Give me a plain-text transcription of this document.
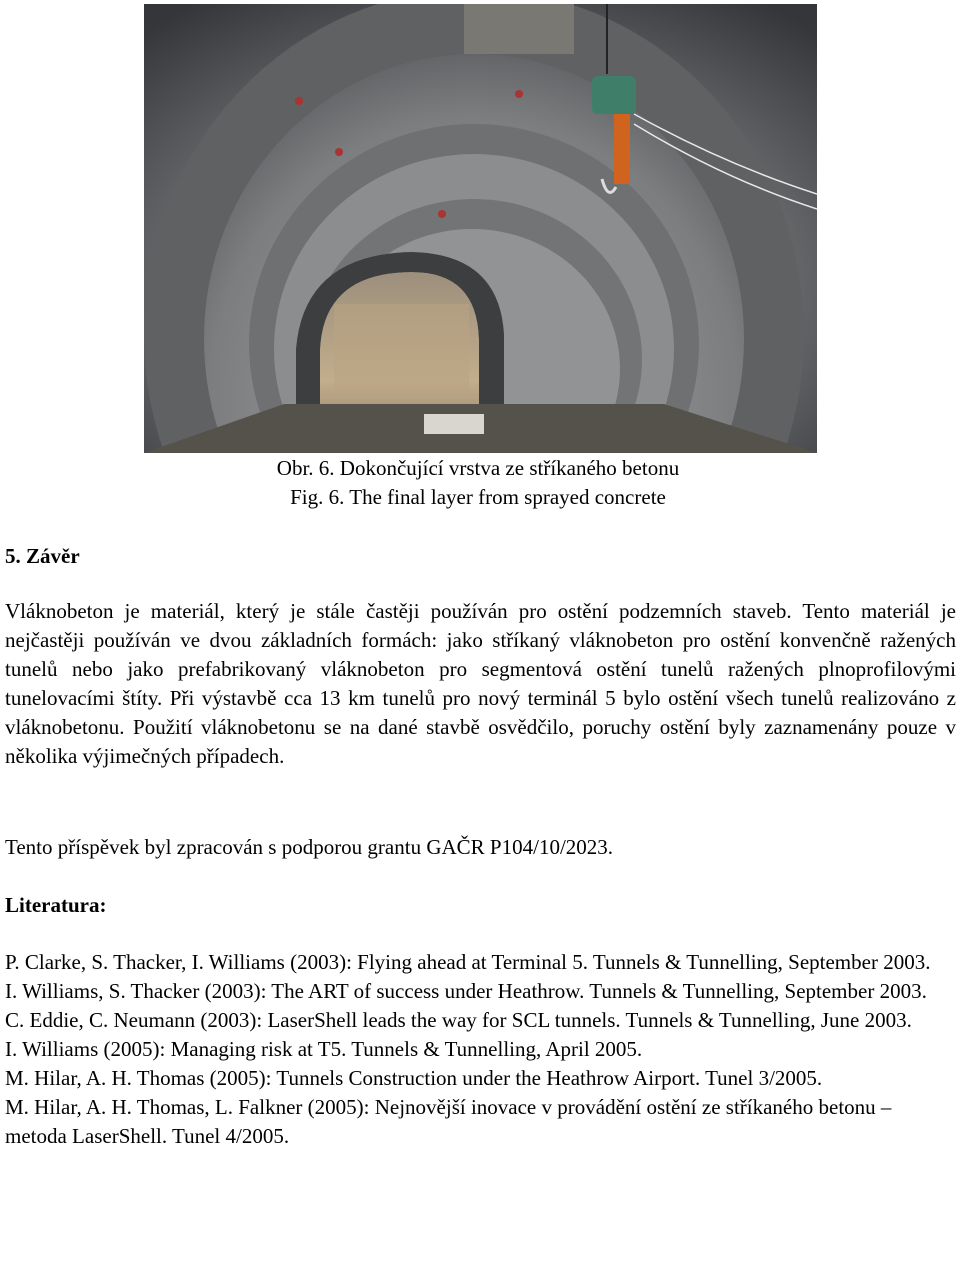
Obr. 6. Dokončující vrstva ze stříkaného betonu
Fig. 6. The final layer from sprayed concrete
5. Závěr

Vláknobeton je materiál, který je stále častěji používán pro ostění podzemních staveb. Tento materiál je nejčastěji používán ve dvou základních formách: jako stříkaný vláknobeton pro ostění konvenčně ražených tunelů nebo jako prefabrikovaný vláknobeton pro segmentová ostění tunelů ražených plnoprofilovými tunelovacími štíty. Při výstavbě cca 13 km tunelů pro nový terminál 5 bylo ostění všech tunelů realizováno z vláknobetonu. Použití vláknobetonu se na dané stavbě osvědčilo, poruchy ostění byly zaznamenány pouze v několika výjimečných případech.

Tento příspěvek byl zpracován s podporou grantu GAČR P104/10/2023.

Literatura:
P. Clarke, S. Thacker, I. Williams (2003): Flying ahead at Terminal 5. Tunnels & Tunnelling, September 2003.
I. Williams, S. Thacker (2003): The ART of success under Heathrow. Tunnels & Tunnelling, September 2003.
C. Eddie, C. Neumann (2003): LaserShell leads the way for SCL tunnels. Tunnels & Tunnelling, June 2003.
I. Williams (2005): Managing risk at T5. Tunnels & Tunnelling, April 2005.
M. Hilar, A. H. Thomas (2005): Tunnels Construction under the Heathrow Airport. Tunel 3/2005.
M. Hilar, A. H. Thomas, L. Falkner (2005): Nejnovější inovace v provádění ostění ze stříkaného betonu – metoda LaserShell. Tunel 4/2005.
